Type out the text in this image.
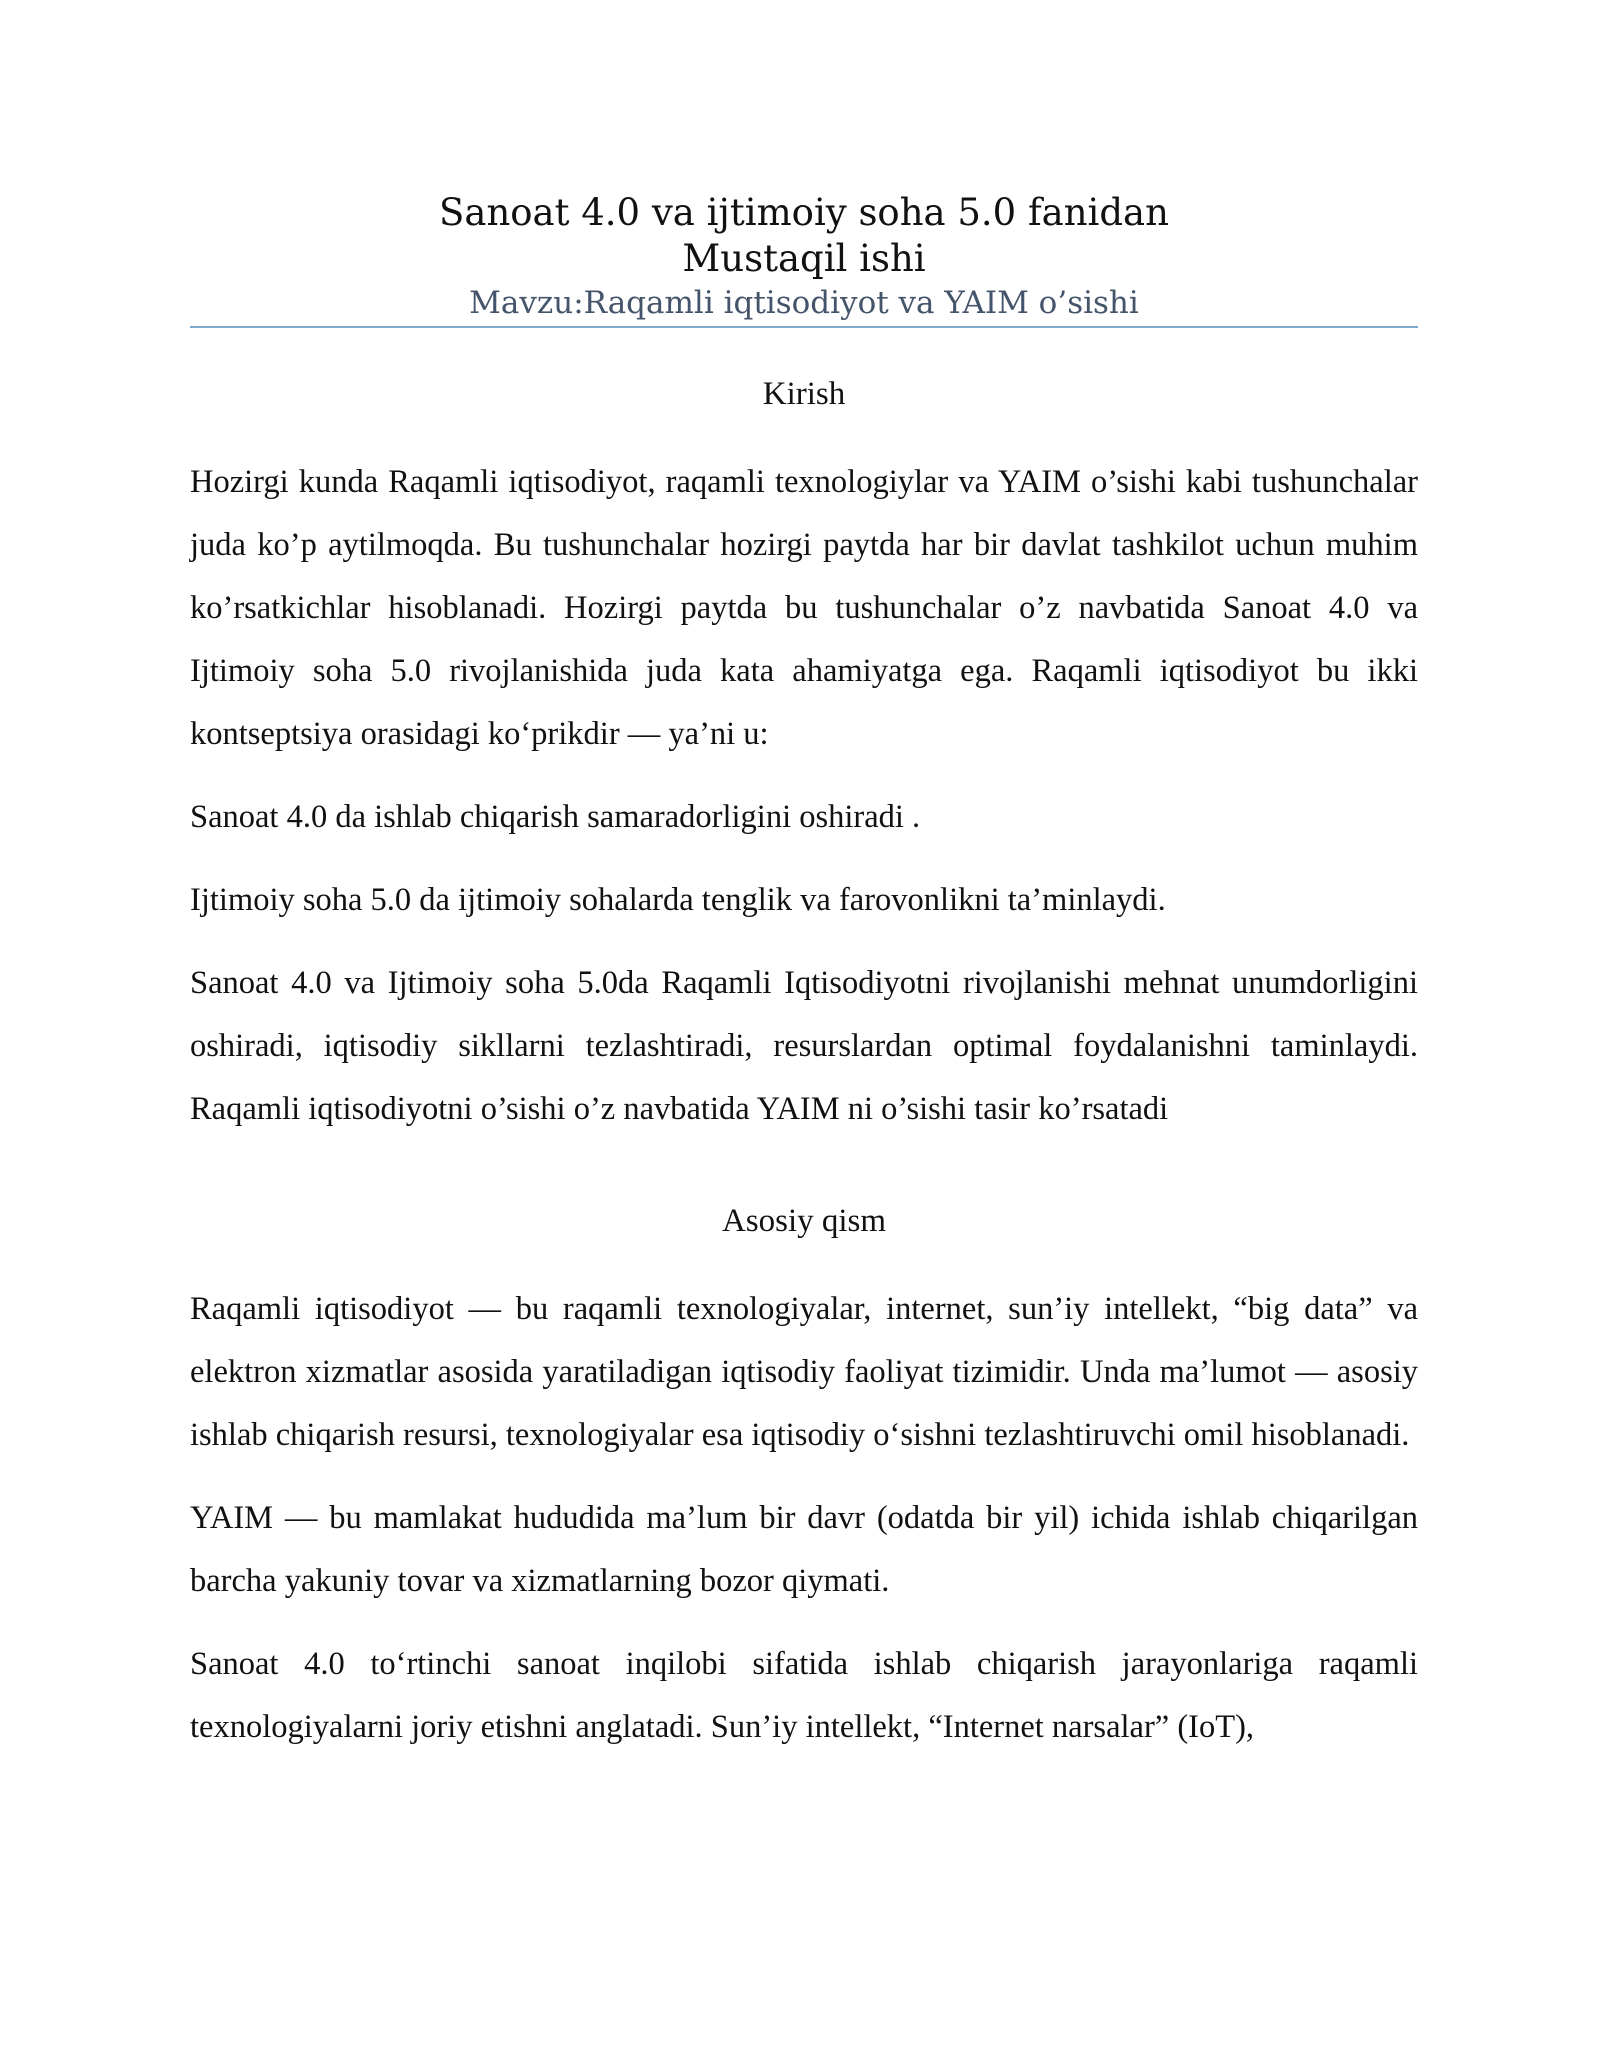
Sanoat 4.0 va ijtimoiy soha 5.0 fanidan
Mustaqil ishi
Mavzu:Raqamli iqtisodiyot va YAIM o’sishi
Kirish

Hozirgi kunda Raqamli iqtisodiyot, raqamli texnologiylar va YAIM o’sishi kabi tushunchalar juda ko’p aytilmoqda. Bu tushunchalar hozirgi paytda har bir davlat tashkilot uchun muhim ko’rsatkichlar hisoblanadi. Hozirgi paytda bu tushunchalar o’z navbatida Sanoat 4.0 va Ijtimoiy soha 5.0 rivojlanishida juda kata ahamiyatga ega. Raqamli iqtisodiyot bu ikki kontseptsiya orasidagi ko‘prikdir — ya’ni u:

Sanoat 4.0 da ishlab chiqarish samaradorligini oshiradi .

Ijtimoiy soha 5.0 da ijtimoiy sohalarda tenglik va farovonlikni ta’minlaydi.

Sanoat 4.0 va Ijtimoiy soha 5.0da Raqamli Iqtisodiyotni rivojlanishi mehnat unumdorligini oshiradi, iqtisodiy sikllarni tezlashtiradi, resurslardan optimal foydalanishni taminlaydi. Raqamli iqtisodiyotni o’sishi o’z navbatida YAIM ni o’sishi tasir ko’rsatadi

Asosiy qism

Raqamli iqtisodiyot — bu raqamli texnologiyalar, internet, sun’iy intellekt, “big data” va elektron xizmatlar asosida yaratiladigan iqtisodiy faoliyat tizimidir. Unda ma’lumot — asosiy ishlab chiqarish resursi, texnologiyalar esa iqtisodiy o‘sishni tezlashtiruvchi omil hisoblanadi.

YAIM — bu mamlakat hududida ma’lum bir davr (odatda bir yil) ichida ishlab chiqarilgan barcha yakuniy tovar va xizmatlarning bozor qiymati.

Sanoat 4.0 to‘rtinchi sanoat inqilobi sifatida ishlab chiqarish jarayonlariga raqamli texnologiyalarni joriy etishni anglatadi. Sun’iy intellekt, “Internet narsalar” (IoT),
